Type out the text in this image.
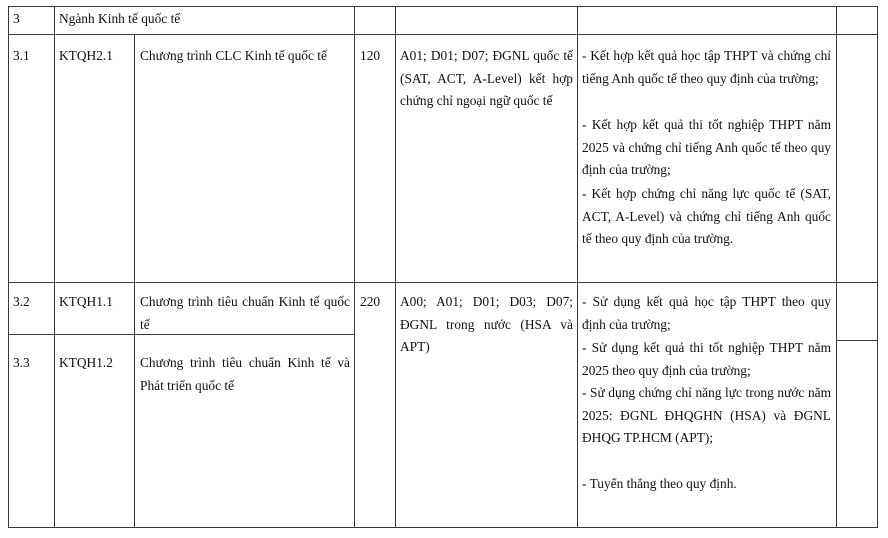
3	Ngành Kinh tế quốc tế
3.1 KTQH2.1 Chương trình CLC Kinh tế quốc tế	120 A01; D01; D07; ĐGNL quốc tế (SAT, ACT, A-Level) kết hợp chứng chỉ ngoại ngữ quốc tế
- Kết hợp kết quả học tập THPT và chứng chỉ tiếng Anh quốc tế theo quy định của trường;
- Kết hợp kết quả thi tốt nghiệp THPT năm 2025 và chứng chỉ tiếng Anh quốc tế theo quy định của trường;
- Kết hợp chứng chỉ năng lực quốc tế (SAT, ACT, A-Level) và chứng chỉ tiếng Anh quốc tế theo quy định của trường.
3.2 KTQH1.1 Chương trình tiêu chuẩn Kinh tế quốc tế
220 A00; A01; D01; D03; D07; ĐGNL trong nước (HSA và APT)
- Sử dụng kết quả học tập THPT theo quy định của trường;
- Sử dụng kết quả thi tốt nghiệp THPT năm 2025 theo quy định của trường;
- Sử dụng chứng chỉ năng lực trong nước năm 2025: ĐGNL ĐHQGHN (HSA) và ĐGNL ĐHQG TP.HCM (APT);
- Tuyển thẳng theo quy định.
3.3 KTQH1.2 Chương trình tiêu chuẩn Kinh tế và Phát triển quốc tế
